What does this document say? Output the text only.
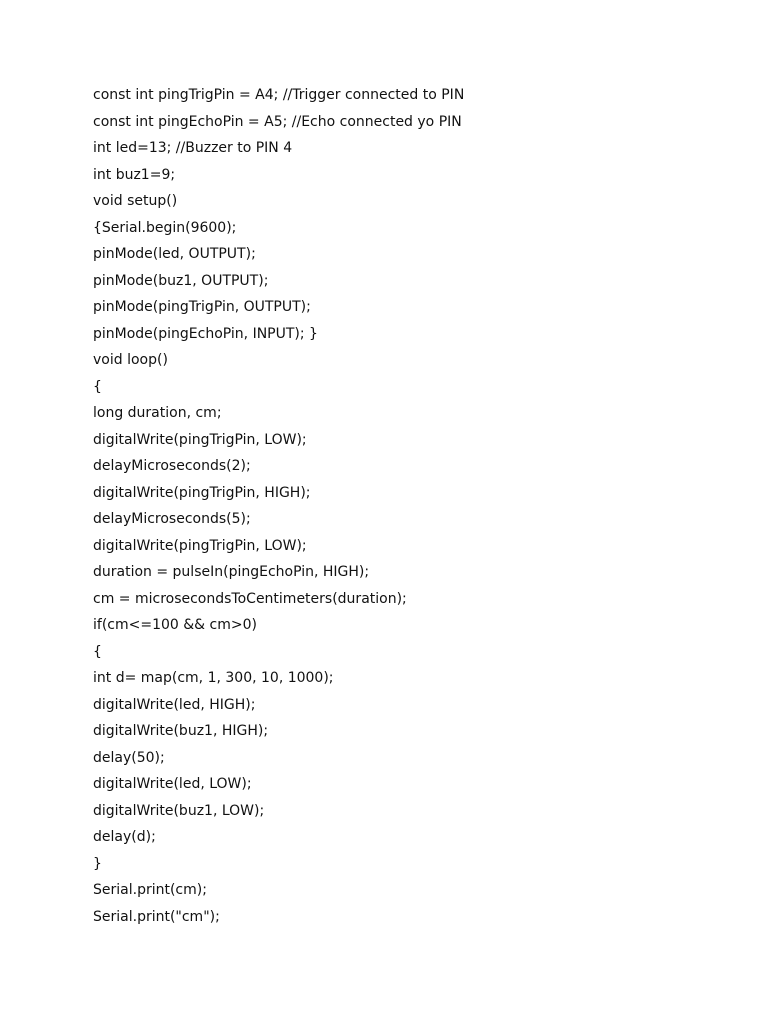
const int pingTrigPin = A4; //Trigger connected to PIN
const int pingEchoPin = A5; //Echo connected yo PIN
int led=13; //Buzzer to PIN 4
int buz1=9;
void setup()
{Serial.begin(9600);
pinMode(led, OUTPUT);
pinMode(buz1, OUTPUT);
pinMode(pingTrigPin, OUTPUT);
pinMode(pingEchoPin, INPUT); }
void loop()
{
long duration, cm;
digitalWrite(pingTrigPin, LOW);
delayMicroseconds(2);
digitalWrite(pingTrigPin, HIGH);
delayMicroseconds(5);
digitalWrite(pingTrigPin, LOW);
duration = pulseIn(pingEchoPin, HIGH);
cm = microsecondsToCentimeters(duration);
if(cm<=100 && cm>0)
{
int d= map(cm, 1, 300, 10, 1000);
digitalWrite(led, HIGH);
digitalWrite(buz1, HIGH);
delay(50);
digitalWrite(led, LOW);
digitalWrite(buz1, LOW);
delay(d);
}
Serial.print(cm);
Serial.print("cm");
